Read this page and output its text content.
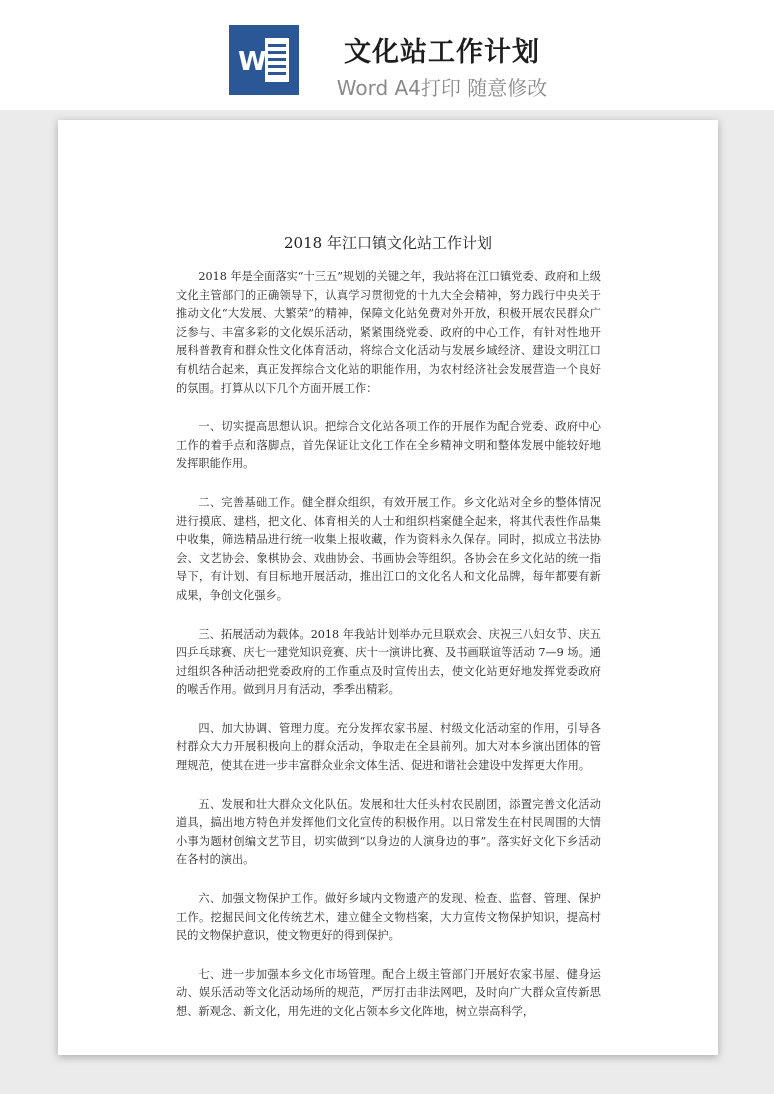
W	文化站工作计划
Word A4打印 随意修改
2018 年江口镇文化站工作计划

2018 年是全面落实“十三五”规划的关键之年，我站将在江口镇党委、政府和上级文化主管部门的正确领导下，认真学习贯彻党的十九大全会精神，努力践行中央关于推动文化“大发展、大繁荣”的精神，保障文化站免费对外开放，积极开展农民群众广泛参与、丰富多彩的文化娱乐活动，紧紧围绕党委、政府的中心工作，有针对性地开展科普教育和群众性文化体育活动，将综合文化活动与发展乡域经济、建设文明江口有机结合起来，真正发挥综合文化站的职能作用，为农村经济社会发展营造一个良好的氛围。打算从以下几个方面开展工作：

一、切实提高思想认识。把综合文化站各项工作的开展作为配合党委、政府中心工作的着手点和落脚点，首先保证让文化工作在全乡精神文明和整体发展中能较好地发挥职能作用。

二、完善基础工作。健全群众组织，有效开展工作。乡文化站对全乡的整体情况进行摸底、建档，把文化、体育相关的人士和组织档案健全起来，将其代表性作品集中收集，筛选精品进行统一收集上报收藏，作为资料永久保存。同时，拟成立书法协会、文艺协会、象棋协会、戏曲协会、书画协会等组织。各协会在乡文化站的统一指导下，有计划、有目标地开展活动，推出江口的文化名人和文化品牌，每年都要有新成果，争创文化强乡。

三、拓展活动为载体。2018 年我站计划举办元旦联欢会、庆祝三八妇女节、庆五四乒乓球赛、庆七一建党知识竞赛、庆十一演讲比赛、及书画联谊等活动 7—9 场。通过组织各种活动把党委政府的工作重点及时宣传出去，使文化站更好地发挥党委政府的喉舌作用。做到月月有活动，季季出精彩。

四、加大协调、管理力度。充分发挥农家书屋、村级文化活动室的作用，引导各村群众大力开展积极向上的群众活动，争取走在全县前列。加大对本乡演出团体的管理规范，使其在进一步丰富群众业余文体生活、促进和谐社会建设中发挥更大作用。

五、发展和壮大群众文化队伍。发展和壮大任头村农民剧团，添置完善文化活动道具，搞出地方特色并发挥他们文化宣传的积极作用。以日常发生在村民周围的大情小事为题材创编文艺节目，切实做到“以身边的人演身边的事”。落实好文化下乡活动在各村的演出。

六、加强文物保护工作。做好乡域内文物遗产的发现、检查、监督、管理、保护工作。挖掘民间文化传统艺术，建立健全文物档案，大力宣传文物保护知识，提高村民的文物保护意识，使文物更好的得到保护。

七、进一步加强本乡文化市场管理。配合上级主管部门开展好农家书屋、健身运动、娱乐活动等文化活动场所的规范，严厉打击非法网吧，及时向广大群众宣传新思想、新观念、新文化，用先进的文化占领本乡文化阵地，树立崇高科学，
